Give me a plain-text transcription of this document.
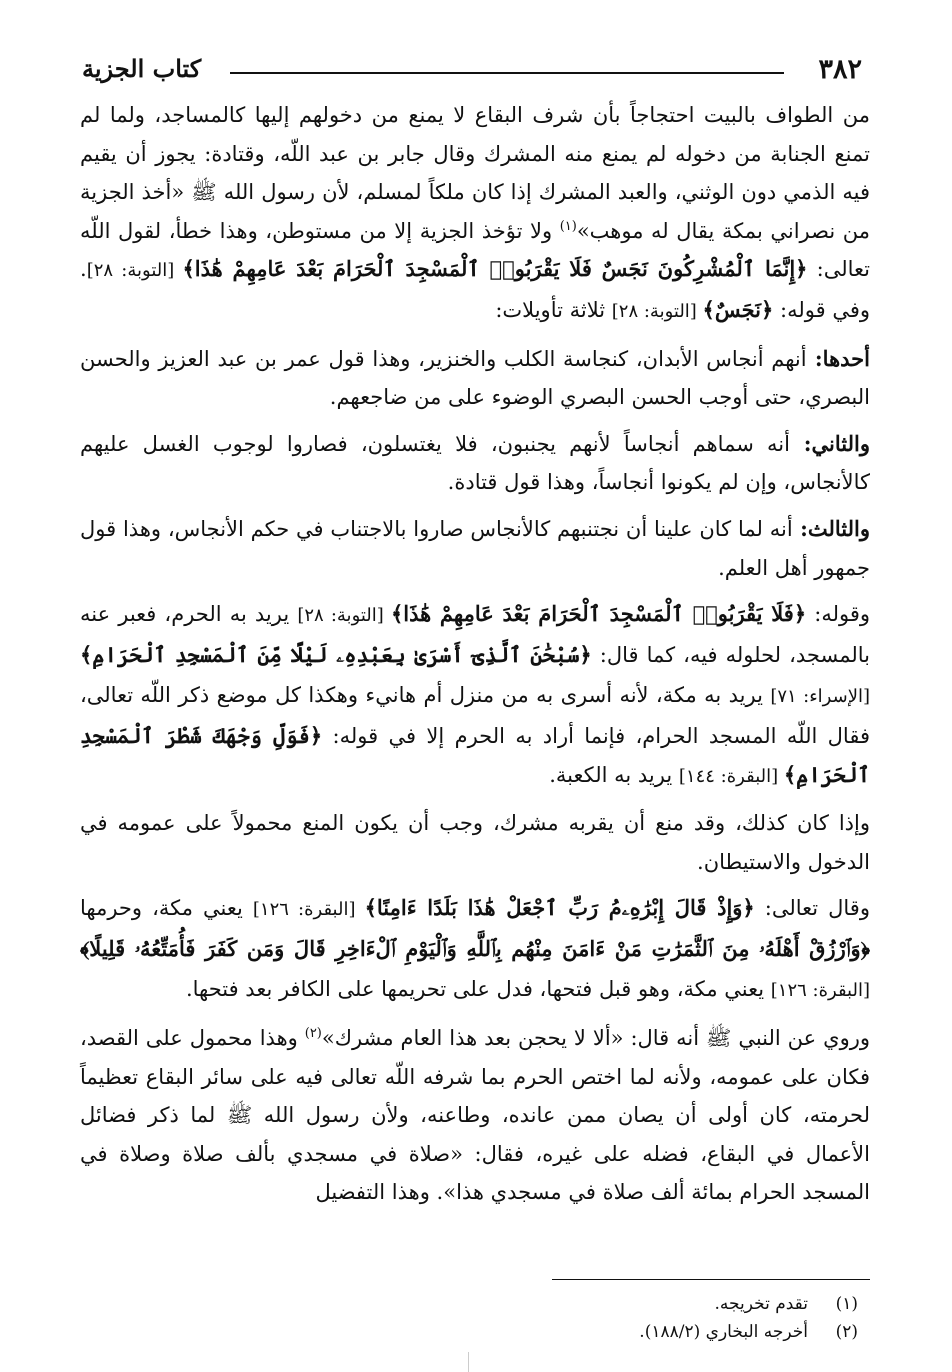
٣٨٢
كتاب الجزية

من الطواف بالبيت احتجاجاً بأن شرف البقاع لا يمنع من دخولهم إليها كالمساجد، ولما لم تمنع الجنابة من دخوله لم يمنع منه المشرك وقال جابر بن عبد اللّه، وقتادة: يجوز أن يقيم فيه الذمي دون الوثني، والعبد المشرك إذا كان ملكاً لمسلم، لأن رسول الله ﷺ «أخذ الجزية من نصراني بمكة يقال له موهب»$^{(١)}$ ولا تؤخذ الجزية إلا من مستوطن، وهذا خطأ، لقول اللّه تعالى: ﴿إِنَّمَا ٱلْمُشْرِكُونَ نَجَسٌ فَلَا يَقْرَبُوا۟ ٱلْمَسْجِدَ ٱلْحَرَامَ بَعْدَ عَامِهِمْ هَٰذَا﴾ [التوبة: ٢٨]. وفي قوله: ﴿نَجَسٌ﴾ [التوبة: ٢٨] ثلاثة تأويلات:

أحدها: أنهم أنجاس الأبدان، كنجاسة الكلب والخنزير، وهذا قول عمر بن عبد العزيز والحسن البصري، حتى أوجب الحسن البصري الوضوء على من ضاجعهم.

والثاني: أنه سماهم أنجاساً لأنهم يجنبون، فلا يغتسلون، فصاروا لوجوب الغسل عليهم كالأنجاس، وإن لم يكونوا أنجاساً، وهذا قول قتادة.

والثالث: أنه لما كان علينا أن نجتنبهم كالأنجاس صاروا بالاجتناب في حكم الأنجاس، وهذا قول جمهور أهل العلم.

وقوله: ﴿فَلَا يَقْرَبُوا۟ ٱلْمَسْجِدَ ٱلْحَرَامَ بَعْدَ عَامِهِمْ هَٰذَا﴾ [التوبة: ٢٨] يريد به الحرم، فعبر عنه بالمسجد، لحلوله فيه، كما قال: ﴿سُبْحَٰنَ ٱلَّذِىٓ أَسْرَىٰ بِعَبْدِهِۦ لَيْلًا مِّنَ ٱلْمَسْجِدِ ٱلْحَرَامِ﴾ [الإسراء: ٧١] يريد به مكة، لأنه أسرى به من منزل أم هانيء وهكذا كل موضع ذكر اللّه تعالى، فقال اللّه المسجد الحرام، فإنما أراد به الحرم إلا في قوله: ﴿فَوَلِّ وَجْهَكَ شَطْرَ ٱلْمَسْجِدِ ٱلْحَرَامِ﴾ [البقرة: ١٤٤] يريد به الكعبة.

وإذا كان كذلك، وقد منع أن يقربه مشرك، وجب أن يكون المنع محمولاً على عمومه في الدخول والاستيطان.

وقال تعالى: ﴿وَإِذْ قَالَ إِبْرَٰهِۦمُ رَبِّ ٱجْعَلْ هَٰذَا بَلَدًا ءَامِنًا﴾ [البقرة: ١٢٦] يعني مكة، وحرمها ﴿وَٱرْزُقْ أَهْلَهُۥ مِنَ ٱلثَّمَرَٰتِ مَنْ ءَامَنَ مِنْهُم بِٱللَّهِ وَٱلْيَوْمِ ٱلْءَاخِرِ قَالَ وَمَن كَفَرَ فَأُمَتِّعُهُۥ قَلِيلًا﴾ [البقرة: ١٢٦] يعني مكة، وهو قبل فتحها، فدل على تحريمها على الكافر بعد فتحها.

وروي عن النبي ﷺ أنه قال: «ألا لا يحجن بعد هذا العام مشرك»$^{(٢)}$ وهذا محمول على القصد، فكان على عمومه، ولأنه لما اختص الحرم بما شرفه اللّه تعالى فيه على سائر البقاع تعظيماً لحرمته، كان أولى أن يصان ممن عانده، وطاعنه، ولأن رسول الله ﷺ لما ذكر فضائل الأعمال في البقاع، فضله على غيره، فقال: «صلاة في مسجدي بألف صلاة وصلاة في المسجد الحرام بمائة ألف صلاة في مسجدي هذا». وهذا التفضيل

(١)
تقدم تخريجه.
(٢)
أخرجه البخاري (١٨٨/٢).
